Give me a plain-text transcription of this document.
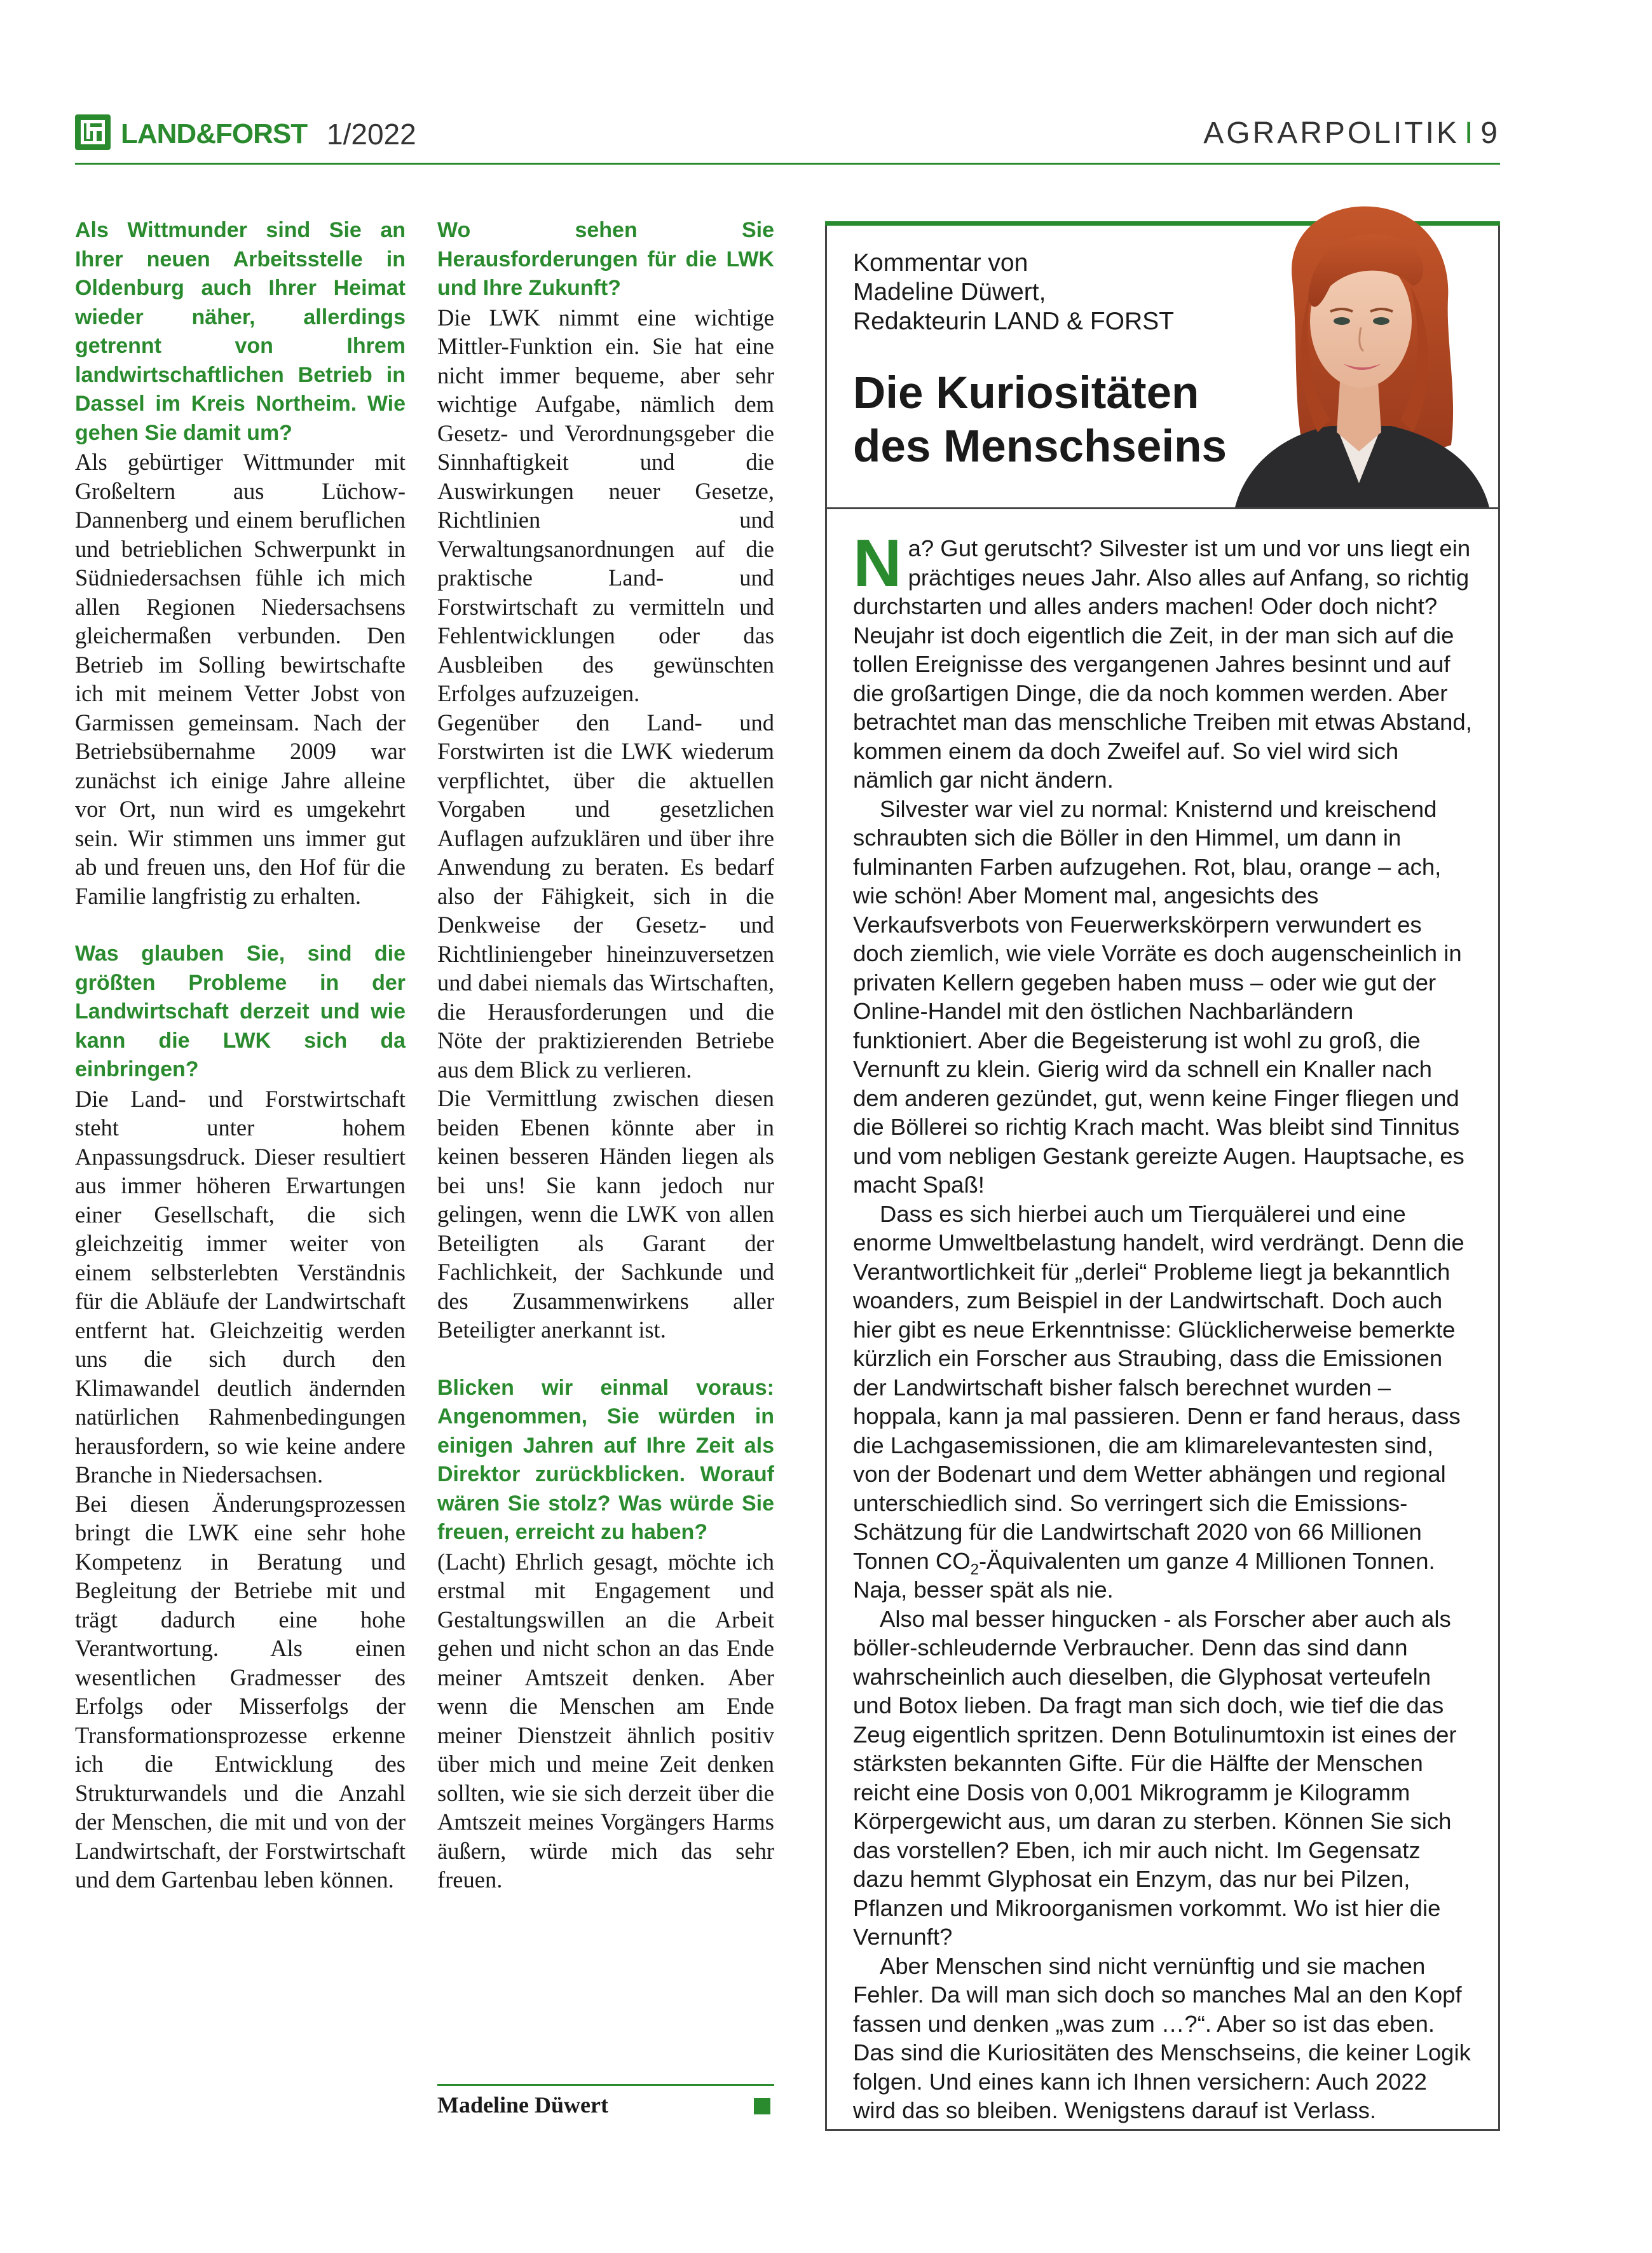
LAND&FORST 1/2022	AGRARPOLITIK I 9

Als Wittmunder sind Sie an Ihrer neuen Arbeitsstelle in Oldenburg auch Ihrer Heimat wieder näher, allerdings getrennt von Ihrem landwirtschaftlichen Betrieb in Dassel im Kreis Northeim. Wie gehen Sie damit um?

Als gebürtiger Wittmunder mit Großeltern aus Lüchow-Dannenberg und einem beruflichen und betrieblichen Schwerpunkt in Südniedersachsen fühle ich mich allen Regionen Niedersachsens gleichermaßen verbunden. Den Betrieb im Solling bewirtschafte ich mit meinem Vetter Jobst von Garmissen gemeinsam. Nach der Betriebsübernahme 2009 war zunächst ich einige Jahre alleine vor Ort, nun wird es umgekehrt sein. Wir stimmen uns immer gut ab und freuen uns, den Hof für die Familie langfristig zu erhalten.

Was glauben Sie, sind die größten Probleme in der Landwirtschaft derzeit und wie kann die LWK sich da einbringen?

Die Land- und Forstwirtschaft steht unter hohem Anpassungsdruck. Dieser resultiert aus immer höheren Erwartungen einer Gesellschaft, die sich gleichzeitig immer weiter von einem selbsterlebten Verständnis für die Abläufe der Landwirtschaft entfernt hat. Gleichzeitig werden uns die sich durch den Klimawandel deutlich ändernden natürlichen Rahmenbedingungen herausfordern, so wie keine andere Branche in Niedersachsen.

Bei diesen Änderungsprozessen bringt die LWK eine sehr hohe Kompetenz in Beratung und Begleitung der Betriebe mit und trägt dadurch eine hohe Verantwortung. Als einen wesentlichen Gradmesser des Erfolgs oder Misserfolgs der Transformationsprozesse erkenne ich die Entwicklung des Strukturwandels und die Anzahl der Menschen, die mit und von der Landwirtschaft, der Forstwirtschaft und dem Gartenbau leben können.

Wo sehen Sie Herausforderungen für die LWK und Ihre Zukunft?

Die LWK nimmt eine wichtige Mittler-Funktion ein. Sie hat eine nicht immer bequeme, aber sehr wichtige Aufgabe, nämlich dem Gesetz- und Verordnungsgeber die Sinnhaftigkeit und die Auswirkungen neuer Gesetze, Richtlinien und Verwaltungsanordnungen auf die praktische Land- und Forstwirtschaft zu vermitteln und Fehlentwicklungen oder das Ausbleiben des gewünschten Erfolges aufzuzeigen.

Gegenüber den Land- und Forstwirten ist die LWK wiederum verpflichtet, über die aktuellen Vorgaben und gesetzlichen Auflagen aufzuklären und über ihre Anwendung zu beraten. Es bedarf also der Fähigkeit, sich in die Denkweise der Gesetz- und Richtliniengeber hineinzuversetzen und dabei niemals das Wirtschaften, die Herausforderungen und die Nöte der praktizierenden Betriebe aus dem Blick zu verlieren.

Die Vermittlung zwischen diesen beiden Ebenen könnte aber in keinen besseren Händen liegen als bei uns! Sie kann jedoch nur gelingen, wenn die LWK von allen Beteiligten als Garant der Fachlichkeit, der Sachkunde und des Zusammenwirkens aller Beteiligter anerkannt ist.

Blicken wir einmal voraus: Angenommen, Sie würden in einigen Jahren auf Ihre Zeit als Direktor zurückblicken. Worauf wären Sie stolz? Was würde Sie freuen, erreicht zu haben?

(Lacht) Ehrlich gesagt, möchte ich erstmal mit Engagement und Gestaltungswillen an die Arbeit gehen und nicht schon an das Ende meiner Amtszeit denken. Aber wenn die Menschen am Ende meiner Dienstzeit ähnlich positiv über mich und meine Zeit denken sollten, wie sie sich derzeit über die Amtszeit meines Vorgängers Harms äußern, würde mich das sehr freuen.

Madeline Düwert
Kommentar von
Madeline Düwert,
Redakteurin LAND & FORST
Die Kuriositäten
des Menschseins

Na? Gut gerutscht? Silvester ist um und vor uns liegt ein prächtiges neues Jahr. Also alles auf Anfang, so richtig durchstarten und alles anders machen! Oder doch nicht? Neujahr ist doch eigentlich die Zeit, in der man sich auf die tollen Ereignisse des vergangenen Jahres besinnt und auf die großartigen Dinge, die da noch kommen werden. Aber betrachtet man das menschliche Treiben mit etwas Abstand, kommen einem da doch Zweifel auf. So viel wird sich nämlich gar nicht ändern.

Silvester war viel zu normal: Knisternd und kreischend schraubten sich die Böller in den Himmel, um dann in fulminanten Farben aufzugehen. Rot, blau, orange – ach, wie schön! Aber Moment mal, angesichts des Verkaufsverbots von Feuerwerkskörpern verwundert es doch ziemlich, wie viele Vorräte es doch augenscheinlich in privaten Kellern gegeben haben muss – oder wie gut der Online-Handel mit den östlichen Nachbarländern funktioniert. Aber die Begeisterung ist wohl zu groß, die Vernunft zu klein. Gierig wird da schnell ein Knaller nach dem anderen gezündet, gut, wenn keine Finger fliegen und die Böllerei so richtig Krach macht. Was bleibt sind Tinnitus und vom nebligen Gestank gereizte Augen. Hauptsache, es macht Spaß!

Dass es sich hierbei auch um Tierquälerei und eine enorme Umweltbelastung handelt, wird verdrängt. Denn die Verantwortlichkeit für „derlei“ Probleme liegt ja bekanntlich woanders, zum Beispiel in der Landwirtschaft. Doch auch hier gibt es neue Erkenntnisse: Glücklicherweise bemerkte kürzlich ein Forscher aus Straubing, dass die Emissionen der Landwirtschaft bisher falsch berechnet wurden – hoppala, kann ja mal passieren. Denn er fand heraus, dass die Lachgasemissionen, die am klimarelevantesten sind, von der Bodenart und dem Wetter abhängen und regional unterschiedlich sind. So verringert sich die Emissions-Schätzung für die Landwirtschaft 2020 von 66 Millionen Tonnen $CO_2$-Äquivalenten um ganze 4 Millionen Tonnen. Naja, besser spät als nie.

Also mal besser hingucken - als Forscher aber auch als böller-schleudernde Verbraucher. Denn das sind dann wahrscheinlich auch dieselben, die Glyphosat verteufeln und Botox lieben. Da fragt man sich doch, wie tief die das Zeug eigentlich spritzen. Denn Botulinumtoxin ist eines der stärksten bekannten Gifte. Für die Hälfte der Menschen reicht eine Dosis von 0,001 Mikrogramm je Kilogramm Körpergewicht aus, um daran zu sterben. Können Sie sich das vorstellen? Eben, ich mir auch nicht. Im Gegensatz dazu hemmt Glyphosat ein Enzym, das nur bei Pilzen, Pflanzen und Mikroorganismen vorkommt. Wo ist hier die Vernunft?

Aber Menschen sind nicht vernünftig und sie machen Fehler. Da will man sich doch so manches Mal an den Kopf fassen und denken „was zum …?“. Aber so ist das eben. Das sind die Kuriositäten des Menschseins, die keiner Logik folgen. Und eines kann ich Ihnen versichern: Auch 2022 wird das so bleiben. Wenigstens darauf ist Verlass.
